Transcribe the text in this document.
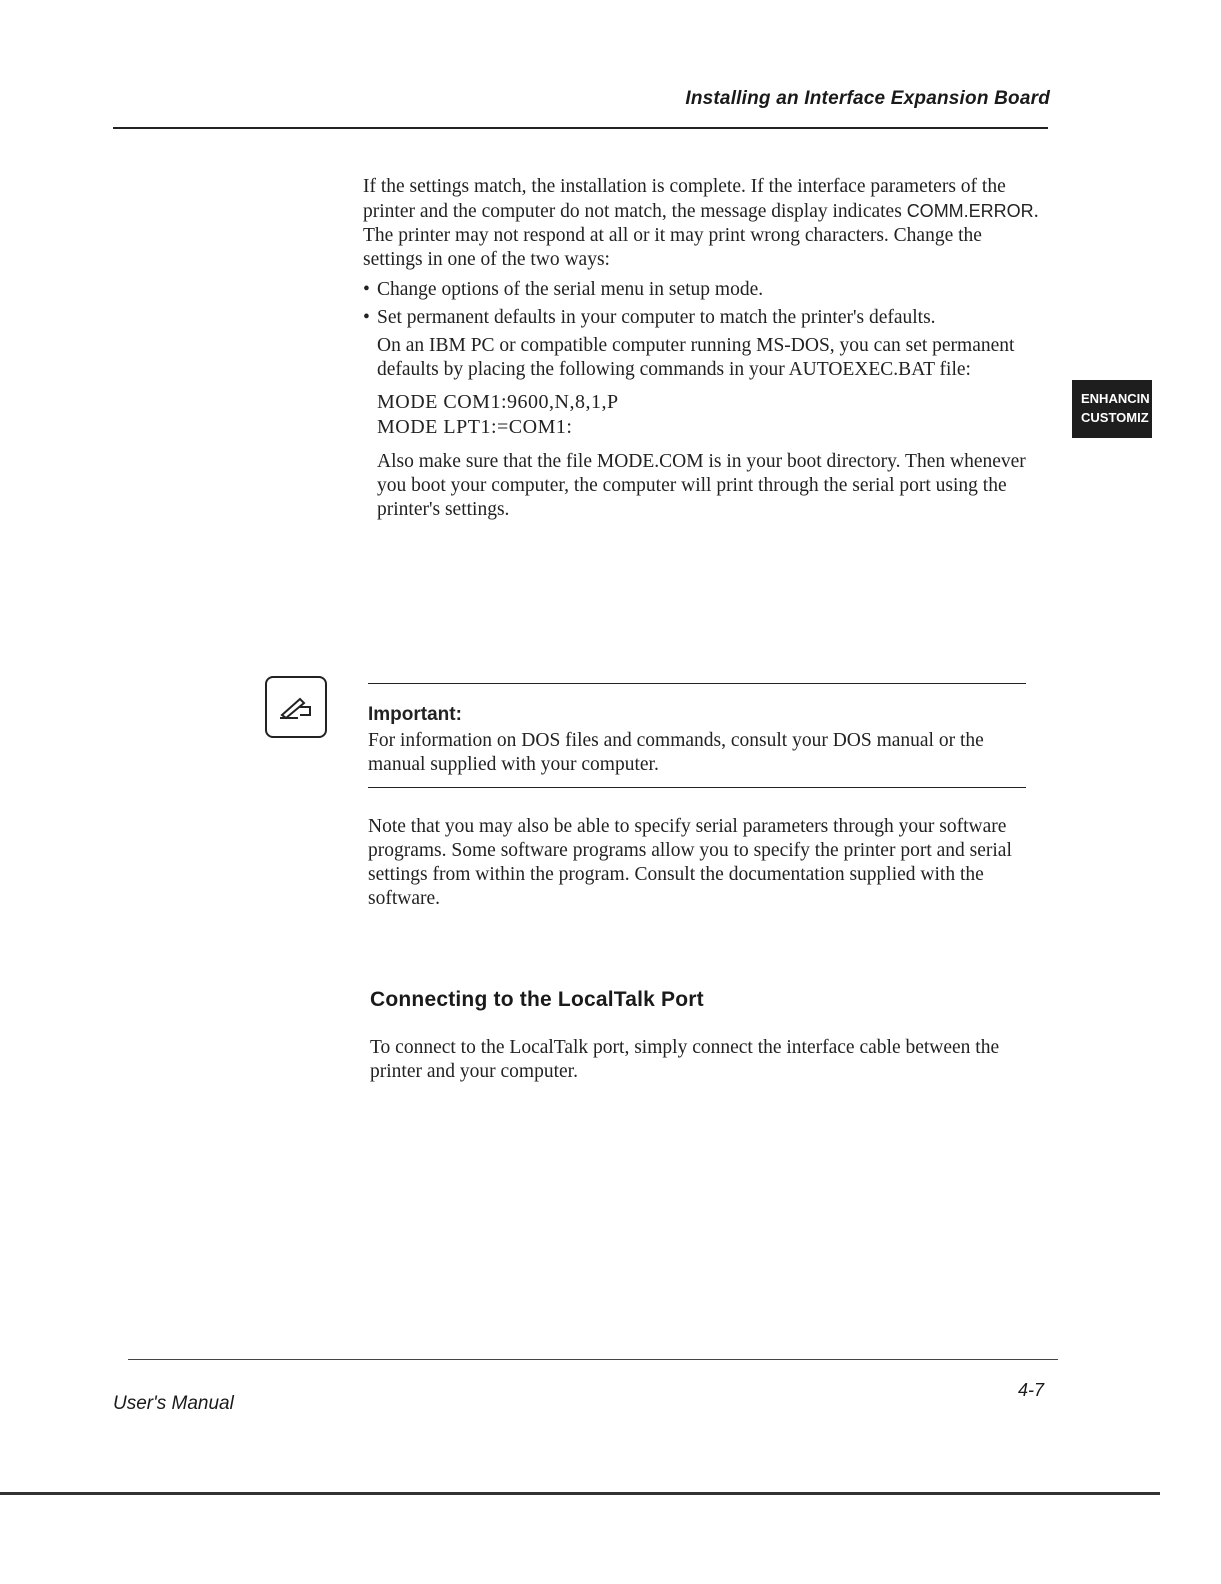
Installing an Interface Expansion Board
ENHANCIN
CUSTOMIZ

If the settings match, the installation is complete. If the interface parameters of the printer and the computer do not match, the message display indicates COMM.ERROR. The printer may not respond at all or it may print wrong characters. Change the settings in one of the two ways:

• Change options of the serial menu in setup mode.
• Set permanent defaults in your computer to match the printer's defaults.
On an IBM PC or compatible computer running MS-DOS, you can set permanent defaults by placing the following commands in your AUTOEXEC.BAT file:
MODE COM1:9600,N,8,1,P
MODE LPT1:=COM1:
Also make sure that the file MODE.COM is in your boot directory. Then whenever you boot your computer, the computer will print through the serial port using the printer's settings.
Important:
For information on DOS files and commands, consult your DOS manual or the manual supplied with your computer.
Note that you may also be able to specify serial parameters through your software programs. Some software programs allow you to specify the printer port and serial settings from within the program. Consult the documentation supplied with the software.
Connecting to the LocalTalk Port
To connect to the LocalTalk port, simply connect the interface cable between the printer and your computer.
User's Manual
4-7
